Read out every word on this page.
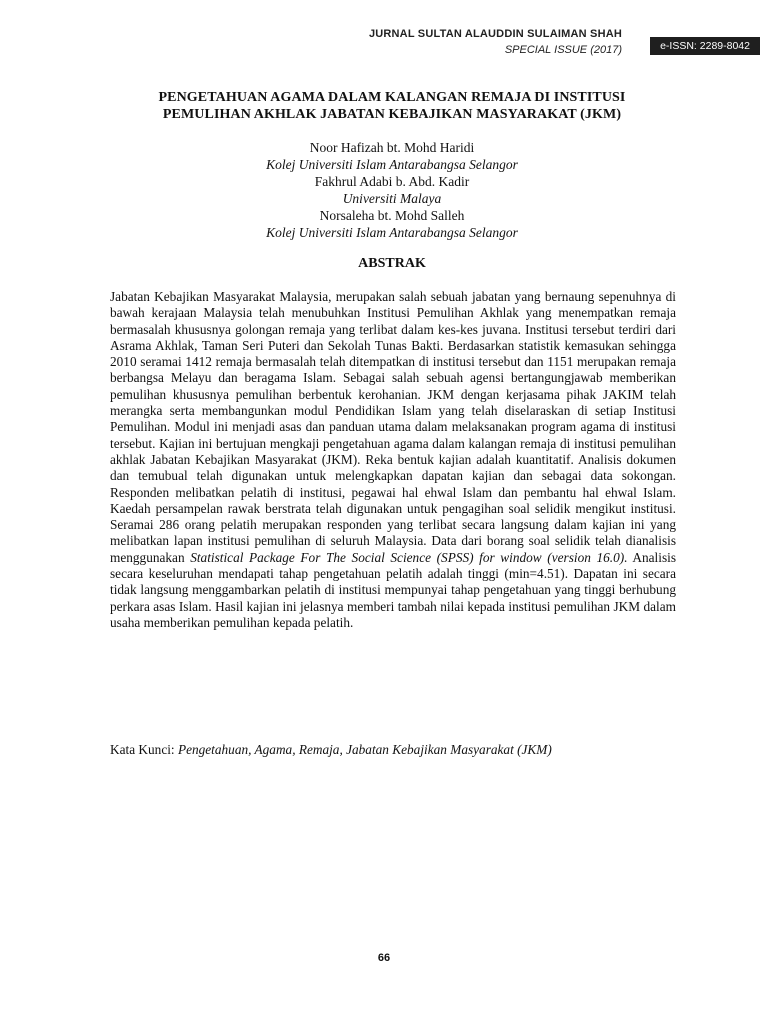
JURNAL SULTAN ALAUDDIN SULAIMAN SHAH
SPECIAL ISSUE (2017)	e-ISSN: 2289-8042
PENGETAHUAN AGAMA DALAM KALANGAN REMAJA DI INSTITUSI
PEMULIHAN AKHLAK JABATAN KEBAJIKAN MASYARAKAT (JKM)
Noor Hafizah bt. Mohd Haridi
Kolej Universiti Islam Antarabangsa Selangor
Fakhrul Adabi b. Abd. Kadir
Universiti Malaya
Norsaleha bt. Mohd Salleh
Kolej Universiti Islam Antarabangsa Selangor
ABSTRAK

Jabatan Kebajikan Masyarakat Malaysia, merupakan salah sebuah jabatan yang bernaung sepenuhnya di bawah kerajaan Malaysia telah menubuhkan Institusi Pemulihan Akhlak yang menempatkan remaja bermasalah khususnya golongan remaja yang terlibat dalam kes-kes juvana. Institusi tersebut terdiri dari Asrama Akhlak, Taman Seri Puteri dan Sekolah Tunas Bakti. Berdasarkan statistik kemasukan sehingga 2010 seramai 1412 remaja bermasalah telah ditempatkan di institusi tersebut dan 1151 merupakan remaja berbangsa Melayu dan beragama Islam. Sebagai salah sebuah agensi bertangungjawab memberikan pemulihan khususnya pemulihan berbentuk kerohanian. JKM dengan kerjasama pihak JAKIM telah merangka serta membangunkan modul Pendidikan Islam yang telah diselaraskan di setiap Institusi Pemulihan. Modul ini menjadi asas dan panduan utama dalam melaksanakan program agama di institusi tersebut. Kajian ini bertujuan mengkaji pengetahuan agama dalam kalangan remaja di institusi pemulihan akhlak Jabatan Kebajikan Masyarakat (JKM). Reka bentuk kajian adalah kuantitatif. Analisis dokumen dan temubual telah digunakan untuk melengkapkan dapatan kajian dan sebagai data sokongan. Responden melibatkan pelatih di institusi, pegawai hal ehwal Islam dan pembantu hal ehwal Islam. Kaedah persampelan rawak berstrata telah digunakan untuk pengagihan soal selidik mengikut institusi. Seramai 286 orang pelatih merupakan responden yang terlibat secara langsung dalam kajian ini yang melibatkan lapan institusi pemulihan di seluruh Malaysia. Data dari borang soal selidik telah dianalisis menggunakan Statistical Package For The Social Science (SPSS) for window (version 16.0). Analisis secara keseluruhan mendapati tahap pengetahuan pelatih adalah tinggi (min=4.51). Dapatan ini secara tidak langsung menggambarkan pelatih di institusi mempunyai tahap pengetahuan yang tinggi berhubung perkara asas Islam. Hasil kajian ini jelasnya memberi tambah nilai kepada institusi pemulihan JKM dalam usaha memberikan pemulihan kepada pelatih.

Kata Kunci: Pengetahuan, Agama, Remaja, Jabatan Kebajikan Masyarakat (JKM)
66
